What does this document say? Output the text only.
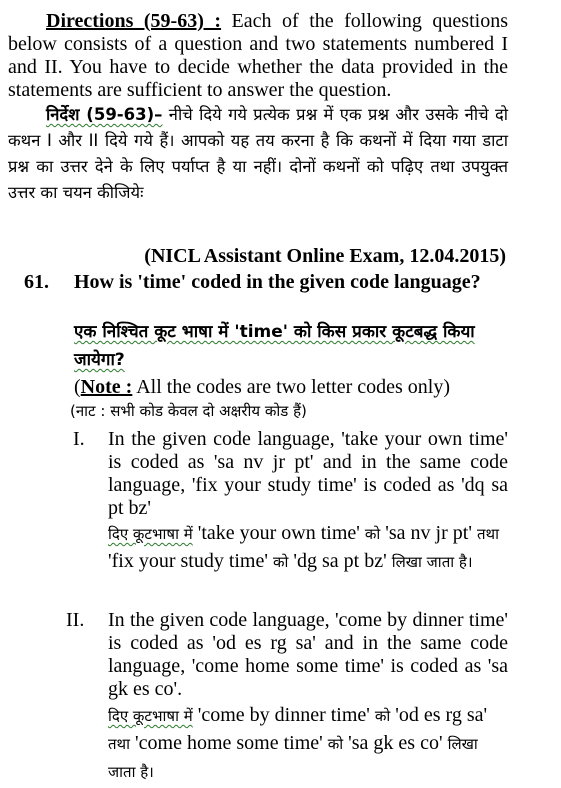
Directions (59-63) : Each of the following questions below consists of a question and two statements numbered I and II. You have to decide whether the data provided in the statements are sufficient to answer the question.
निर्देश (59-63)– नीचे दिये गये प्रत्येक प्रश्न में एक प्रश्न और उसके नीचे दो कथन I और II दिये गये हैं। आपको यह तय करना है कि कथनों में दिया गया डाटा प्रश्न का उत्तर देने के लिए पर्याप्त है या नहीं। दोनों कथनों को पढ़िए तथा उपयुक्त उत्तर का चयन कीजियेः
(NICL Assistant Online Exam, 12.04.2015)
61. How is 'time' coded in the given code language?
एक निश्चित कूट भाषा में 'time' को किस प्रकार कूटबद्ध किया जायेगा?
(Note : All the codes are two letter codes only)
(नाट : सभी कोड केवल दो अक्षरीय कोड हैं)
I. In the given code language, 'take your own time' is coded as 'sa nv jr pt' and in the same code language, 'fix your study time' is coded as 'dq sa pt bz'
दिए कूटभाषा में 'take your own time' को 'sa nv jr pt' तथा 'fix your study time' को 'dg sa pt bz' लिखा जाता है।
II. In the given code language, 'come by dinner time' is coded as 'od es rg sa' and in the same code language, 'come home some time' is coded as 'sa gk es co'.
दिए कूटभाषा में 'come by dinner time' को 'od es rg sa' तथा 'come home some time' को 'sa gk es co' लिखा जाता है।
